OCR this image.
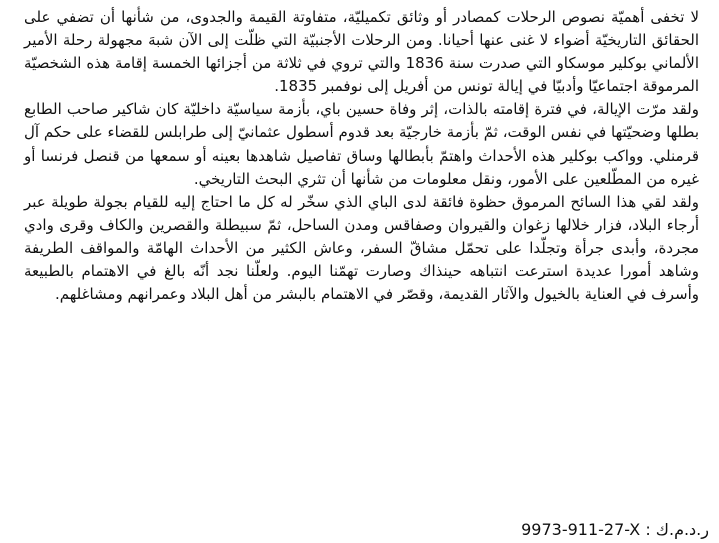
لا تخفى أهميّة نصوص الرحلات كمصادر أو وثائق تكميليّة، متفاوتة القيمة والجدوى، من شأنها أن تضفي على الحقائق التاريخيّة أضواء لا غنى عنها أحيانا. ومن الرحلات الأجنبيّة التي ظلّت إلى الآن شبهَ مجهولة رحلة الأمير الألماني بوكلير موسكاو التي صدرت سنة 1836 والتي تروي في ثلاثة من أجزائها الخمسة إقامة هذه الشخصيّة المرموقة اجتماعيّا وأدبيّا في إيالة تونس من أفريل إلى نوفمبر 1835.

ولقد مرّت الإيالة، في فترة إقامته بالذات، إثر وفاة حسين باي، بأزمة سياسيّة داخليّة كان شاكير صاحب الطابع بطلها وضحيّتها في نفس الوقت، ثمّ بأزمة خارجيّة بعد قدوم أسطول عثمانيّ إلى طرابلس للقضاء على حكم آل قرمنلي. وواكب بوكلير هذه الأحداث واهتمّ بأبطالها وساق تفاصيل شاهدها بعينه أو سمعها من قنصل فرنسا أو غيره من المطّلعين على الأمور، ونقل معلومات من شأنها أن تثري البحث التاريخي.

ولقد لقي هذا السائح المرموق حظوة فائقة لدى الباي الذي سخّر له كل ما احتاج إليه للقيام بجولة طويلة عبر أرجاء البلاد، فزار خلالها زغوان والقيروان وصفاقس ومدن الساحل، ثمّ سبيطلة والقصرين والكاف وقرى وادي مجردة، وأبدى جرأة وتجلّدا على تحمّل مشاقّ السفر، وعاش الكثير من الأحداث الهامّة والمواقف الطريفة وشاهد أمورا عديدة استرعت انتباهه حينذاك وصارت تهمّنا اليوم. ولعلّنا نجد أنّه بالغ في الاهتمام بالطبيعة وأسرف في العناية بالخيول والآثار القديمة، وقصّر في الاهتمام بالبشر من أهل البلاد وعمرانهم ومشاغلهم.

ر.د.م.ك : 9973-911-27-X
